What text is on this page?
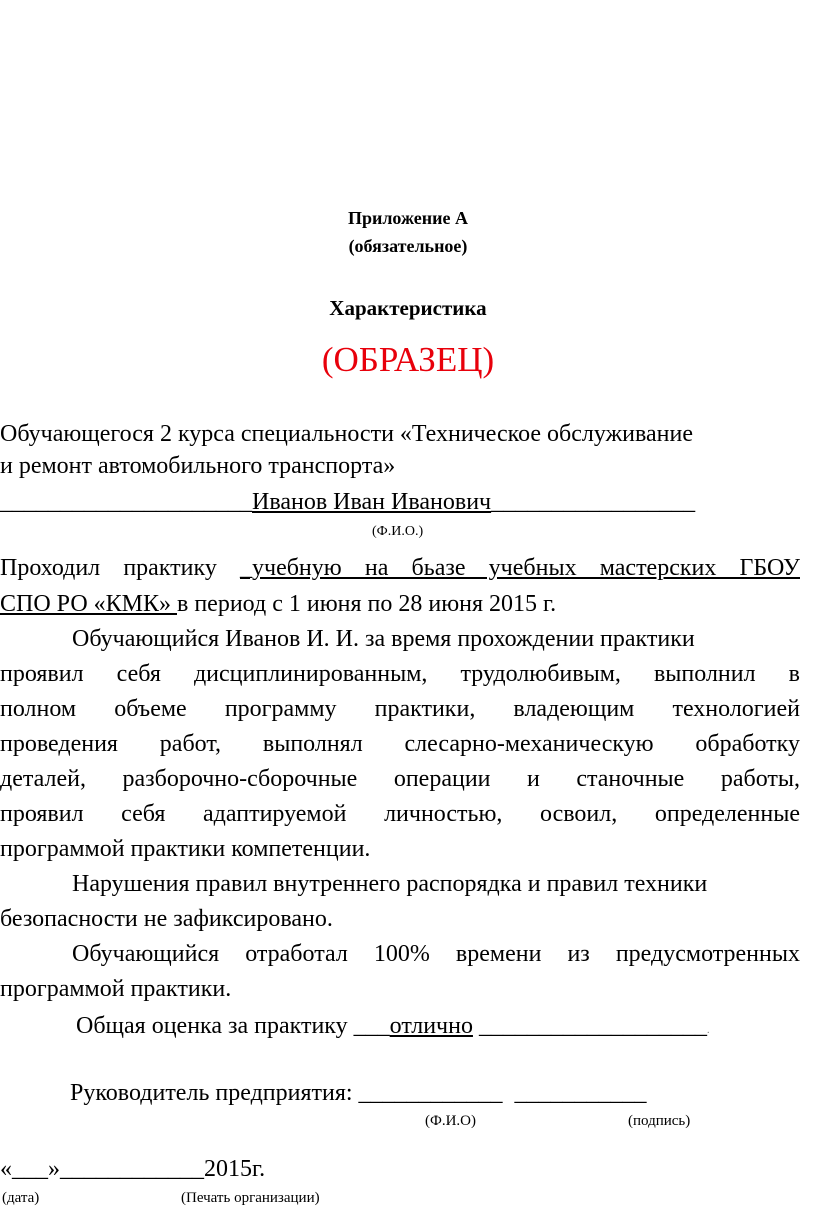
Приложение А
(обязательное)
Характеристика
(ОБРАЗЕЦ)
Обучающегося 2 курса специальности «Техническое обслуживание
и ремонт автомобильного транспорта»
_____________________Иванов Иван Иванович_________________
(Ф.И.О.)
Проходил практику _учебную на бьазе учебных мастерских ГБОУ
СПО РО «КМК» в период с 1 июня по 28 июня 2015 г.
Обучающийся Иванов И. И. за время прохождении практики
проявил себя дисциплинированным, трудолюбивым, выполнил в
полном объеме программу практики, владеющим технологией
проведения работ, выполнял слесарно-механическую обработку
деталей, разборочно-сборочные операции и станочные работы,
проявил себя адаптируемой личностью, освоил, определенные
программой практики компетенции.
Нарушения правил внутреннего распорядка и правил техники
безопасности не зафиксировано.
Обучающийся отработал 100% времени из предусмотренных
программой практики.
Общая оценка за практику ___отлично ___________________.
Руководитель предприятия: ____________ ___________
(Ф.И.О)	(подпись)
«___»____________2015г.
(дата)	(Печать организации)
